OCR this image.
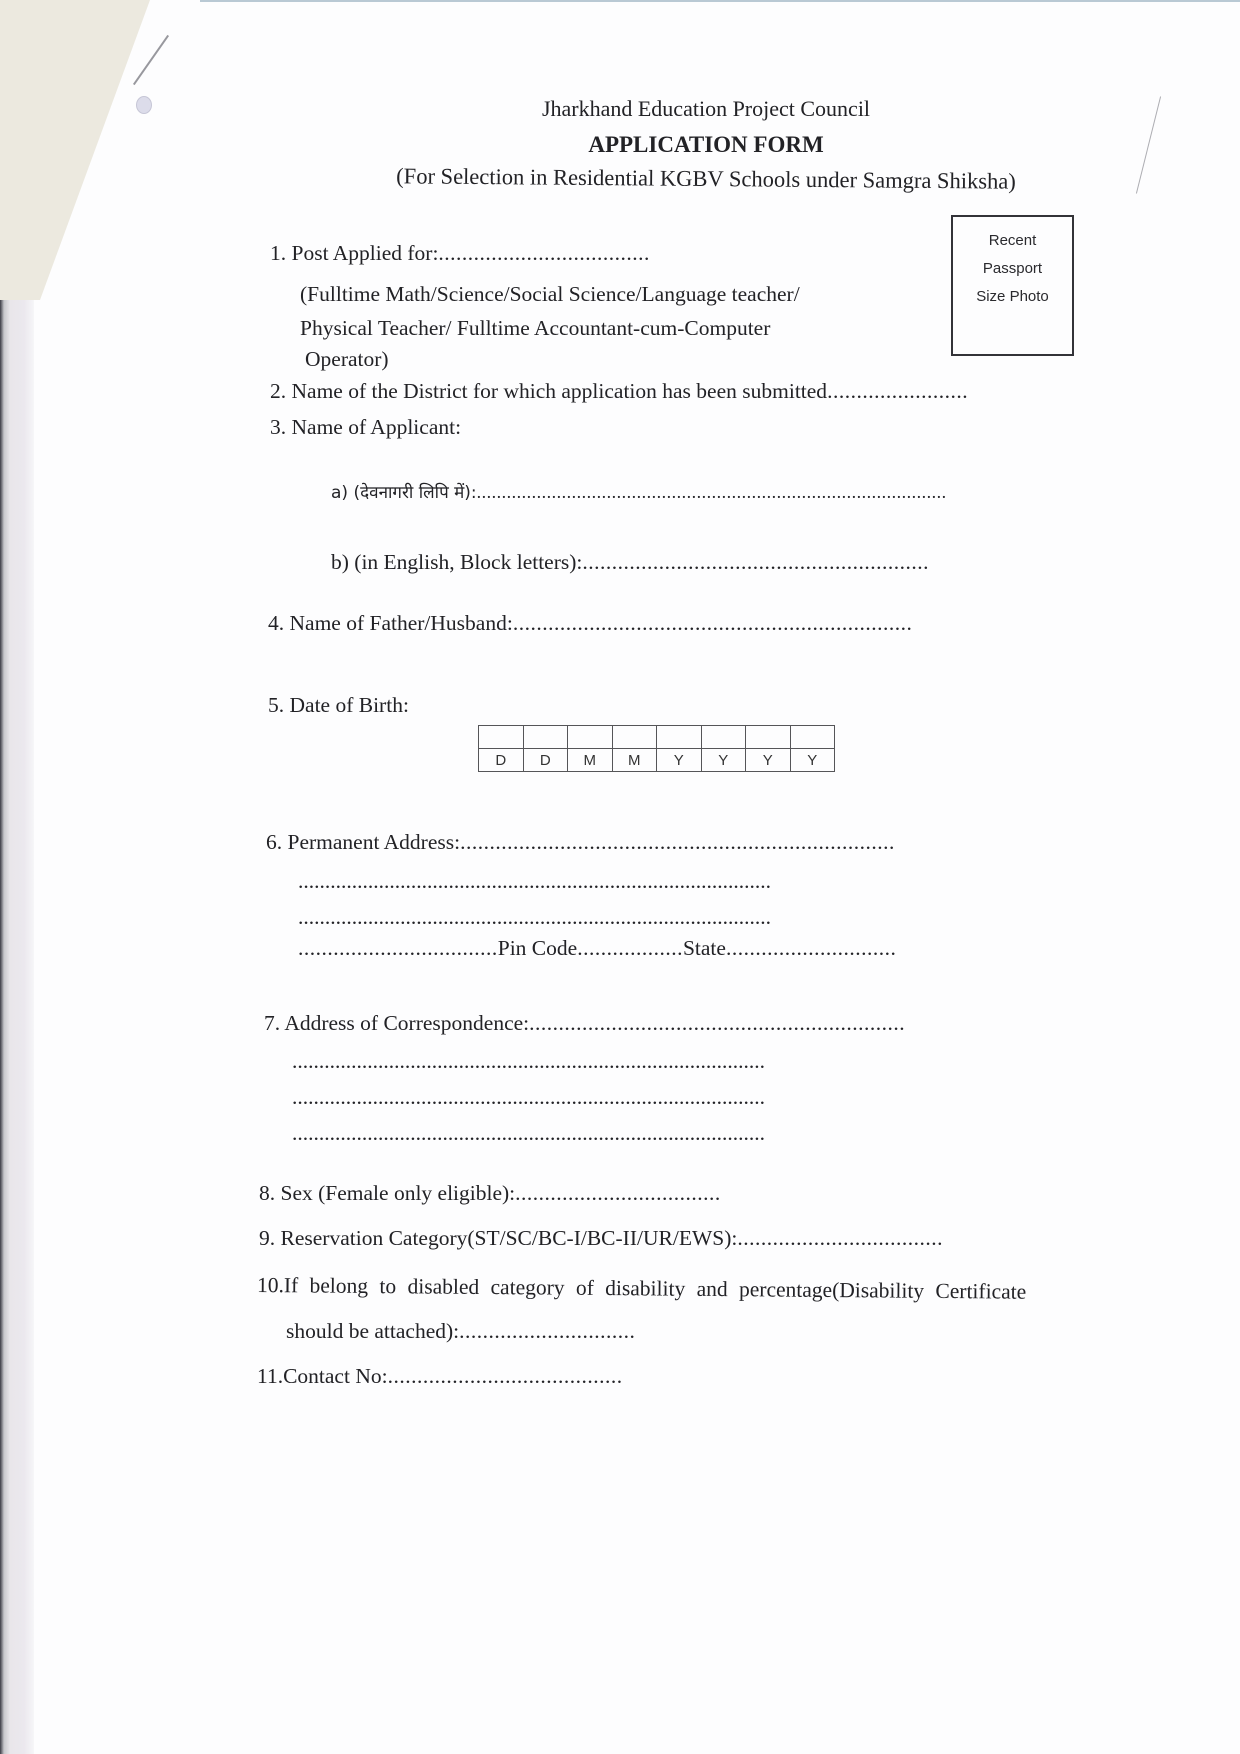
Jharkhand Education Project Council
APPLICATION FORM
(For Selection in Residential KGBV Schools under Samgra Shiksha)
Recent
Passport
Size Photo
1. Post Applied for:....................................
(Fulltime Math/Science/Social Science/Language teacher/
Physical Teacher/ Fulltime Accountant-cum-Computer
Operator)
2. Name of the District for which application has been submitted........................
3. Name of Applicant:
a) (देवनागरी लिपि में):..............................................................................................
b) (in English, Block letters):...........................................................
4. Name of Father/Husband:....................................................................
5. Date of Birth:

D	D	M	M	Y	Y	Y	Y
6. Permanent Address:..........................................................................
........................................................................................
........................................................................................
..................................Pin Code..................State.............................
7. Address of Correspondence:................................................................
........................................................................................
........................................................................................
........................................................................................
8. Sex (Female only eligible):...................................
9. Reservation Category(ST/SC/BC-I/BC-II/UR/EWS):...................................
10.If belong to disabled category of disability and percentage(Disability Certificate
should be attached):..............................
11.Contact No:........................................
